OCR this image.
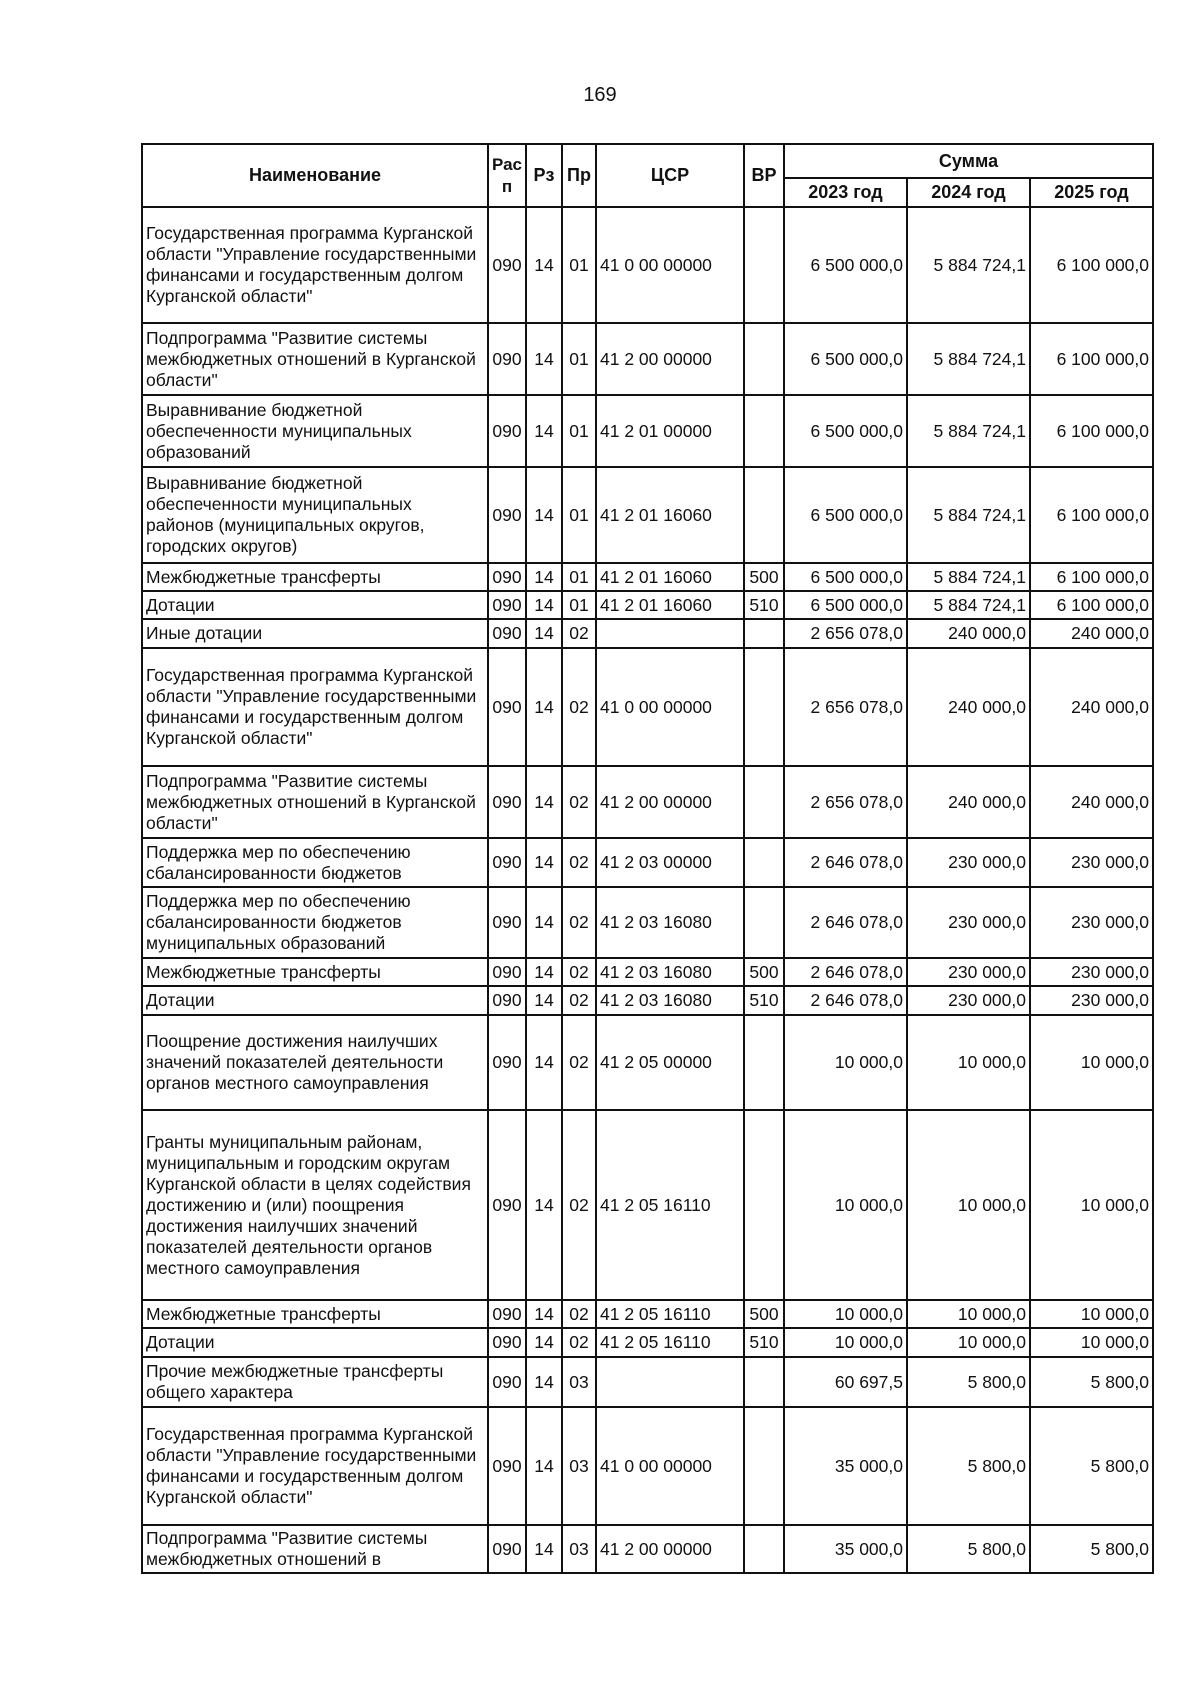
169
Наименование	Рас п	Рз	Пр	ЦСР	ВР	Сумма		
						2023 год	2024 год	2025 год
Государственная программа Курганской области "Управление государственными финансами и государственным долгом Курганской области"	090	14	01	41 0 00 00000		6 500 000,0	5 884 724,1	6 100 000,0
Подпрограмма "Развитие системы межбюджетных отношений в Курганской области"	090	14	01	41 2 00 00000		6 500 000,0	5 884 724,1	6 100 000,0
Выравнивание бюджетной обеспеченности муниципальных образований	090	14	01	41 2 01 00000		6 500 000,0	5 884 724,1	6 100 000,0
Выравнивание бюджетной обеспеченности муниципальных районов (муниципальных округов, городских округов)	090	14	01	41 2 01 16060		6 500 000,0	5 884 724,1	6 100 000,0
Межбюджетные трансферты	090	14	01	41 2 01 16060	500	6 500 000,0	5 884 724,1	6 100 000,0
Дотации	090	14	01	41 2 01 16060	510	6 500 000,0	5 884 724,1	6 100 000,0
Иные дотации	090	14	02			2 656 078,0	240 000,0	240 000,0
Государственная программа Курганской области "Управление государственными финансами и государственным долгом Курганской области"	090	14	02	41 0 00 00000		2 656 078,0	240 000,0	240 000,0
Подпрограмма "Развитие системы межбюджетных отношений в Курганской области"	090	14	02	41 2 00 00000		2 656 078,0	240 000,0	240 000,0
Поддержка мер по обеспечению сбалансированности бюджетов	090	14	02	41 2 03 00000		2 646 078,0	230 000,0	230 000,0
Поддержка мер по обеспечению сбалансированности бюджетов муниципальных образований	090	14	02	41 2 03 16080		2 646 078,0	230 000,0	230 000,0
Межбюджетные трансферты	090	14	02	41 2 03 16080	500	2 646 078,0	230 000,0	230 000,0
Дотации	090	14	02	41 2 03 16080	510	2 646 078,0	230 000,0	230 000,0
Поощрение достижения наилучших значений показателей деятельности органов местного самоуправления	090	14	02	41 2 05 00000		10 000,0	10 000,0	10 000,0
Гранты муниципальным районам, муниципальным и городским округам Курганской области в целях содействия достижению и (или) поощрения достижения наилучших значений показателей деятельности органов местного самоуправления	090	14	02	41 2 05 16110		10 000,0	10 000,0	10 000,0
Межбюджетные трансферты	090	14	02	41 2 05 16110	500	10 000,0	10 000,0	10 000,0
Дотации	090	14	02	41 2 05 16110	510	10 000,0	10 000,0	10 000,0
Прочие межбюджетные трансферты общего характера	090	14	03			60 697,5	5 800,0	5 800,0
Государственная программа Курганской области "Управление государственными финансами и государственным долгом Курганской области"	090	14	03	41 0 00 00000		35 000,0	5 800,0	5 800,0
Подпрограмма "Развитие системы межбюджетных отношений в	090	14	03	41 2 00 00000		35 000,0	5 800,0	5 800,0
